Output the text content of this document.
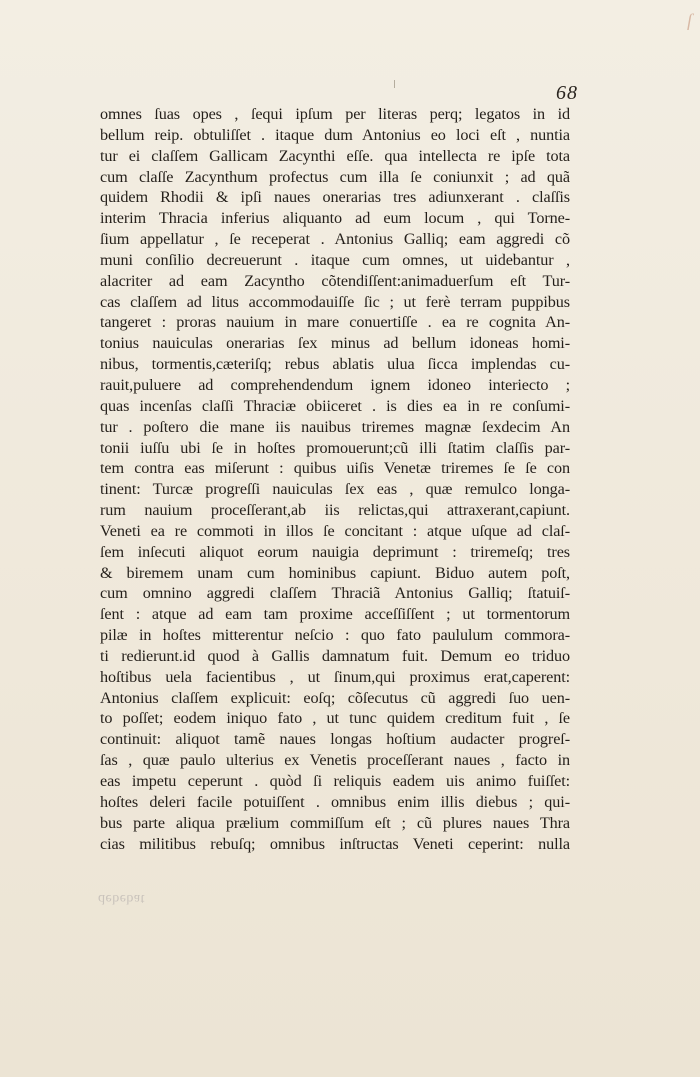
ſ
68
omnes ſuas opes , ſequi ipſum per literas perq; legatos in id
bellum reip. obtuliſſet . itaque dum Antonius eo loci eſt , nuntia
tur ei claſſem Gallicam Zacynthi eſſe. qua intellecta re ipſe tota
cum claſſe Zacynthum profectus cum illa ſe coniunxit ; ad quã
quidem Rhodii & ipſi naues onerarias tres adiunxerant . claſſis
interim Thracia inferius aliquanto ad eum locum , qui Torne-
ſium appellatur , ſe receperat . Antonius Galliq; eam aggredi cõ
muni conſilio decreuerunt . itaque cum omnes, ut uidebantur ,
alacriter ad eam Zacyntho cõtendiſſent:animaduerſum eſt Tur-
cas claſſem ad litus accommodauiſſe ſic ; ut ferè terram puppibus
tangeret : proras nauium in mare conuertiſſe . ea re cognita An-
tonius nauiculas onerarias ſex minus ad bellum idoneas homi-
nibus, tormentis,cæteriſq; rebus ablatis ulua ſicca implendas cu-
rauit,puluere ad comprehendendum ignem idoneo interiecto ;
quas incenſas claſſi Thraciæ obiiceret . is dies ea in re conſumi-
tur . poſtero die mane iis nauibus triremes magnæ ſexdecim An
tonii iuſſu ubi ſe in hoſtes promouerunt;cũ illi ſtatim claſſis par-
tem contra eas miſerunt : quibus uiſis Venetæ triremes ſe ſe con
tinent: Turcæ progreſſi nauiculas ſex eas , quæ remulco longa-
rum nauium proceſſerant,ab iis relictas,qui attraxerant,capiunt.
Veneti ea re commoti in illos ſe concitant : atque uſque ad claſ-
ſem inſecuti aliquot eorum nauigia deprimunt : triremeſq; tres
& biremem unam cum hominibus capiunt. Biduo autem poſt,
cum omnino aggredi claſſem Thraciã Antonius Galliq; ſtatuiſ-
ſent : atque ad eam tam proxime acceſſiſſent ; ut tormentorum
pilæ in hoſtes mitterentur neſcio : quo fato paululum commora-
ti redierunt.id quod à Gallis damnatum fuit. Demum eo triduo
hoſtibus uela facientibus , ut ſinum,qui proximus erat,caperent:
Antonius claſſem explicuit: eoſq; cõſecutus cũ aggredi ſuo uen-
to poſſet; eodem iniquo fato , ut tunc quidem creditum fuit , ſe
continuit: aliquot tamẽ naues longas hoſtium audacter progreſ-
ſas , quæ paulo ulterius ex Venetis proceſſerant naues , facto in
eas impetu ceperunt . quòd ſi reliquis eadem uis animo fuiſſet:
hoſtes deleri facile potuiſſent . omnibus enim illis diebus ; qui-
bus parte aliqua prælium commiſſum eſt ; cũ plures naues Thra
cias militibus rebuſq; omnibus inſtructas Veneti ceperint: nulla
debebat
